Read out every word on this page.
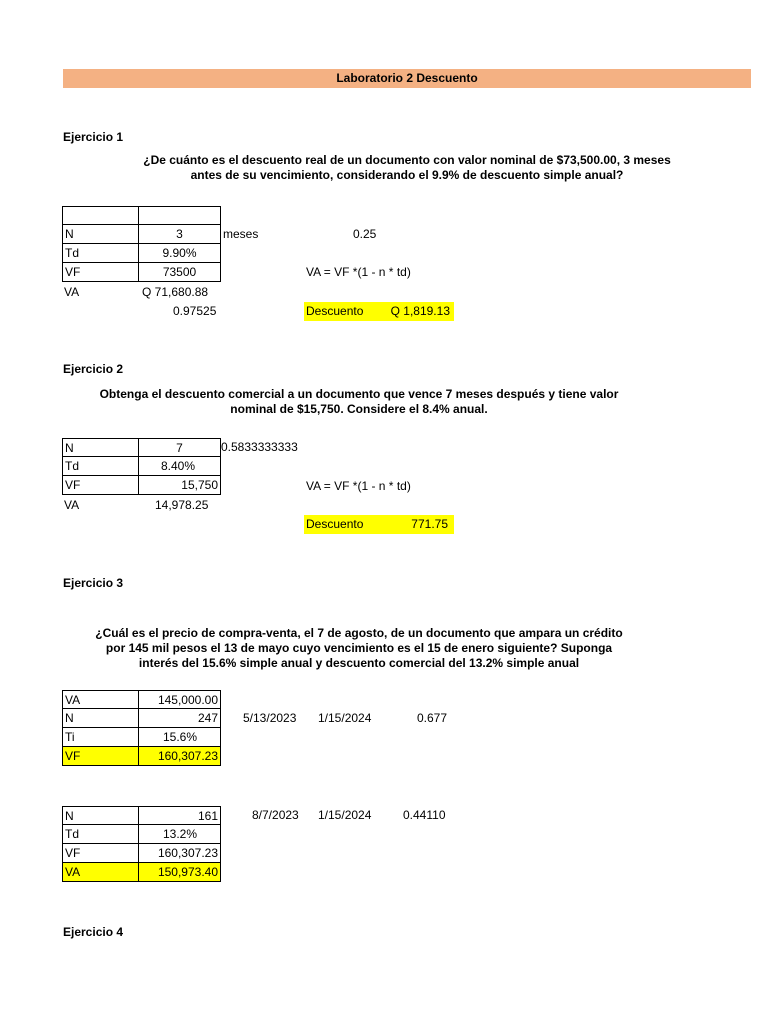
Laboratorio 2 Descuento
Ejercicio 1
¿De cuánto es el descuento real de un documento con valor nominal de $73,500.00, 3 meses
antes de su vencimiento, considerando el 9.9% de descuento simple anual?
N	3
Td	9.90%
VF	73500
VA	Q 71,680.88
0.97525
meses	0.25
VA = VF *(1 - n * td)
Descuento Q 1,819.13
Ejercicio 2
Obtenga el descuento comercial a un documento que vence 7 meses después y tiene valor
nominal de $15,750. Considere el 8.4% anual.
N	7
Td	8.40%
VF	15,750
VA	14,978.25
0.5833333333
VA = VF *(1 - n * td)
Descuento	771.75
Ejercicio 3
¿Cuál es el precio de compra-venta, el 7 de agosto, de un documento que ampara un crédito
por 145 mil pesos el 13 de mayo cuyo vencimiento es el 15 de enero siguiente? Suponga
interés del 15.6% simple anual y descuento comercial del 13.2% simple anual
VA	145,000.00
N	247
Ti	15.6%
VF	160,307.23
5/13/2023 1/15/2024	0.677
N	161
Td	13.2%
VF	160,307.23
VA	150,973.40
8/7/2023 1/15/2024	0.44110
Ejercicio 4
